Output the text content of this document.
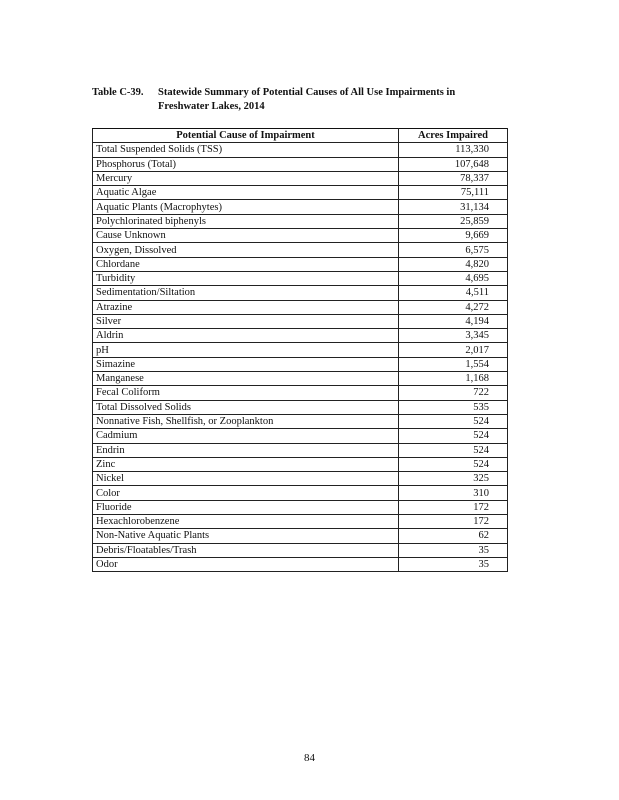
Table C-39. Statewide Summary of Potential Causes of All Use Impairments in
Freshwater Lakes, 2014
Potential Cause of Impairment	Acres Impaired
Total Suspended Solids (TSS)	113,330
Phosphorus (Total)	107,648
Mercury	78,337
Aquatic Algae	75,111
Aquatic Plants (Macrophytes)	31,134
Polychlorinated biphenyls	25,859
Cause Unknown	9,669
Oxygen, Dissolved	6,575
Chlordane	4,820
Turbidity	4,695
Sedimentation/Siltation	4,511
Atrazine	4,272
Silver	4,194
Aldrin	3,345
pH	2,017
Simazine	1,554
Manganese	1,168
Fecal Coliform	722
Total Dissolved Solids	535
Nonnative Fish, Shellfish, or Zooplankton	524
Cadmium	524
Endrin	524
Zinc	524
Nickel	325
Color	310
Fluoride	172
Hexachlorobenzene	172
Non-Native Aquatic Plants	62
Debris/Floatables/Trash	35
Odor	35
84
